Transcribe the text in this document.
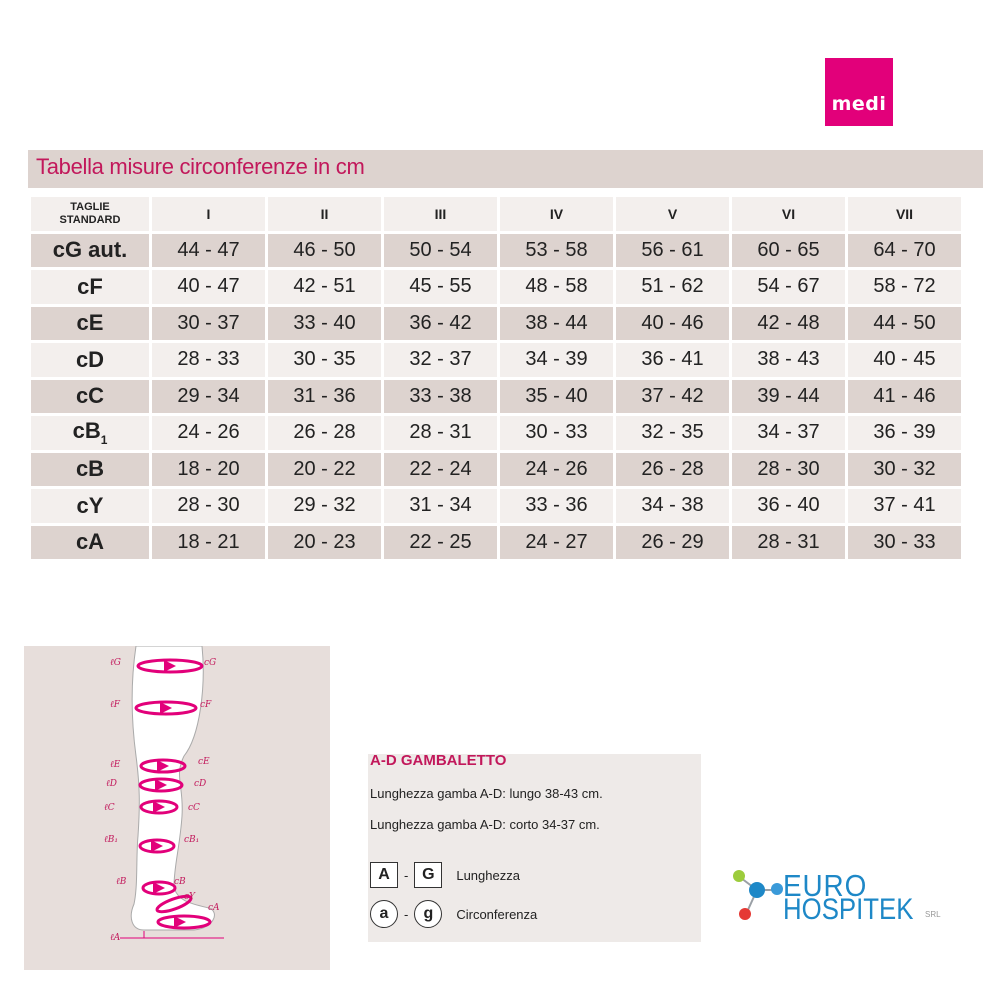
medi
Tabella misure circonferenze in cm
TAGLIE
STANDARD	I	II	III	IV	V	VI	VII
cG aut.	44 - 47	46 - 50	50 - 54	53 - 58	56 - 61	60 - 65	64 - 70
cF	40 - 47	42 - 51	45 - 55	48 - 58	51 - 62	54 - 67	58 - 72
cE	30 - 37	33 - 40	36 - 42	38 - 44	40 - 46	42 - 48	44 - 50
cD	28 - 33	30 - 35	32 - 37	34 - 39	36 - 41	38 - 43	40 - 45
cC	29 - 34	31 - 36	33 - 38	35 - 40	37 - 42	39 - 44	41 - 46
$cB_1$	24 - 26	26 - 28	28 - 31	30 - 33	32 - 35	34 - 37	36 - 39
cB	18 - 20	20 - 22	22 - 24	24 - 26	26 - 28	28 - 30	30 - 32
cY	28 - 30	29 - 32	31 - 34	33 - 36	34 - 38	36 - 40	37 - 41
cA	18 - 21	20 - 23	22 - 25	24 - 27	26 - 29	28 - 31	30 - 33
ℓG
ℓF
ℓE
ℓD
ℓC
ℓB₁
ℓB
ℓA
cG
cF
cE
cD
cC
cB₁
cB
cY
cA
A-D GAMBALETTO
Lunghezza gamba A-D: lungo 38-43 cm.
Lunghezza gamba A-D: corto 34-37 cm.
A	- G	Lunghezza
a	- g	Circonferenza
EURO
HOSPITEK SRL
